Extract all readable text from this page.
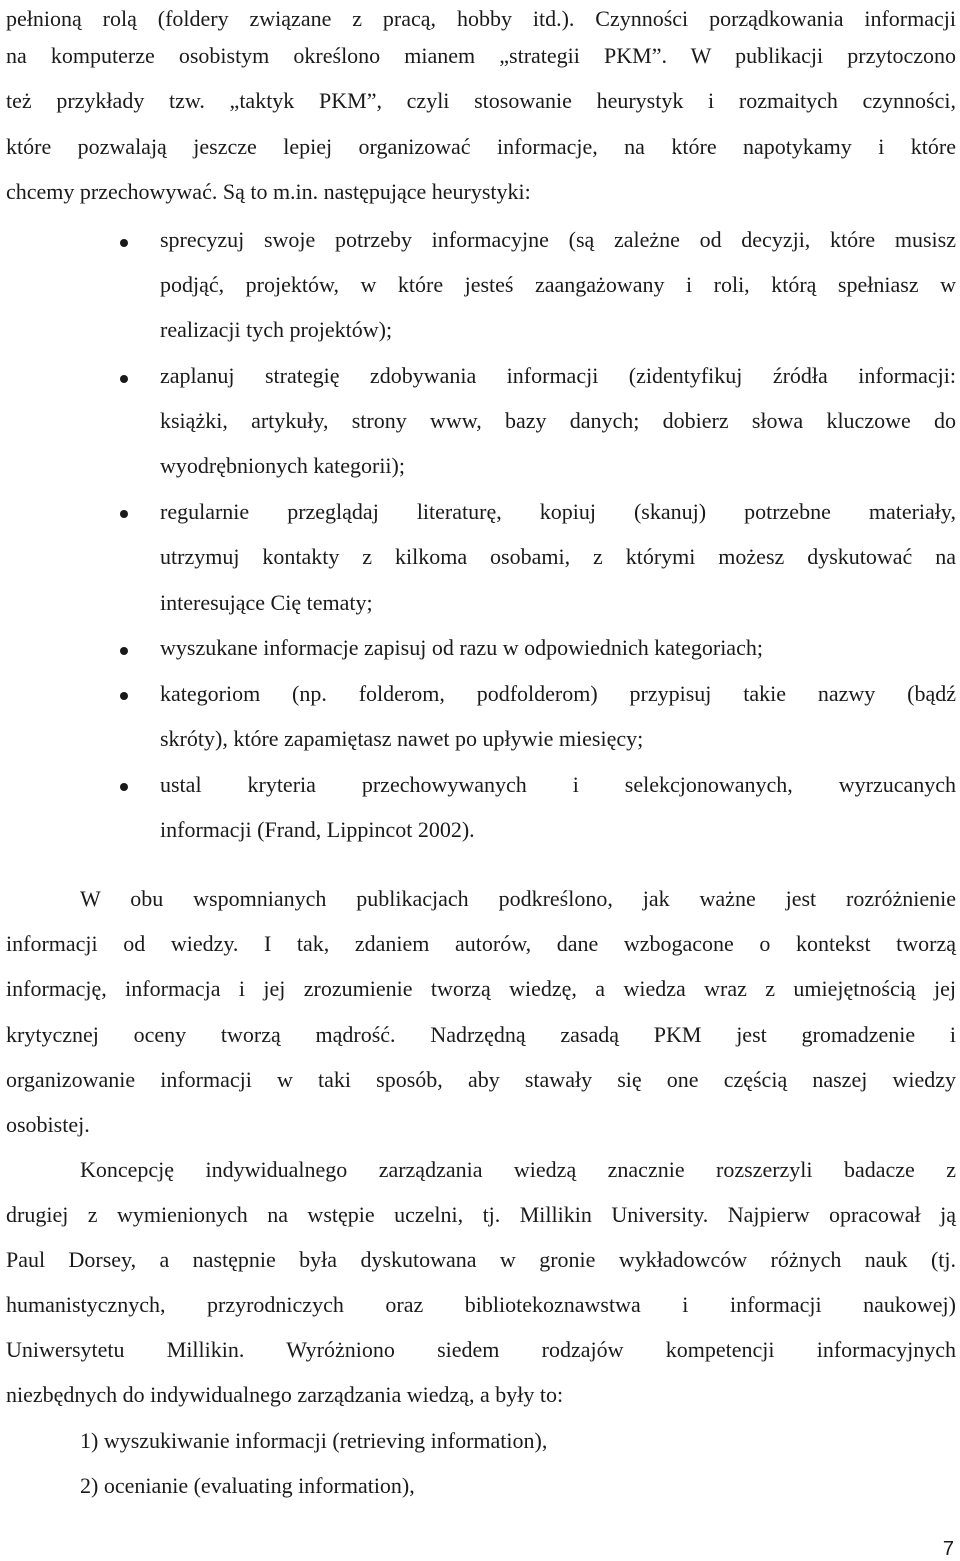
pełnioną rolą (foldery związane z pracą, hobby itd.). Czynności porządkowania informacji
na komputerze osobistym określono mianem „strategii PKM”. W publikacji przytoczono
też przykłady tzw. „taktyk PKM”, czyli stosowanie heurystyk i rozmaitych czynności,
które pozwalają jeszcze lepiej organizować informacje, na które napotykamy i które
chcemy przechowywać. Są to m.in. następujące heurystyki:
sprecyzuj swoje potrzeby informacyjne (są zależne od decyzji, które musisz
podjąć, projektów, w które jesteś zaangażowany i roli, którą spełniasz w
realizacji tych projektów);
zaplanuj strategię zdobywania informacji (zidentyfikuj źródła informacji:
książki, artykuły, strony www, bazy danych; dobierz słowa kluczowe do
wyodrębnionych kategorii);
regularnie przeglądaj literaturę, kopiuj (skanuj) potrzebne materiały,
utrzymuj kontakty z kilkoma osobami, z którymi możesz dyskutować na
interesujące Cię tematy;
wyszukane informacje zapisuj od razu w odpowiednich kategoriach;
kategoriom (np. folderom, podfolderom) przypisuj takie nazwy (bądź
skróty), które zapamiętasz nawet po upływie miesięcy;
ustal kryteria przechowywanych i selekcjonowanych, wyrzucanych
informacji (Frand, Lippincot 2002).
W obu wspomnianych publikacjach podkreślono, jak ważne jest rozróżnienie
informacji od wiedzy. I tak, zdaniem autorów, dane wzbogacone o kontekst tworzą
informację, informacja i jej zrozumienie tworzą wiedzę, a wiedza wraz z umiejętnością jej
krytycznej oceny tworzą mądrość. Nadrzędną zasadą PKM jest gromadzenie i
organizowanie informacji w taki sposób, aby stawały się one częścią naszej wiedzy
osobistej.
Koncepcję indywidualnego zarządzania wiedzą znacznie rozszerzyli badacze z
drugiej z wymienionych na wstępie uczelni, tj. Millikin University. Najpierw opracował ją
Paul Dorsey, a następnie była dyskutowana w gronie wykładowców różnych nauk (tj.
humanistycznych, przyrodniczych oraz bibliotekoznawstwa i informacji naukowej)
Uniwersytetu Millikin. Wyróżniono siedem rodzajów kompetencji informacyjnych
niezbędnych do indywidualnego zarządzania wiedzą, a były to:
1) wyszukiwanie informacji (retrieving information),
2) ocenianie (evaluating information),
7
